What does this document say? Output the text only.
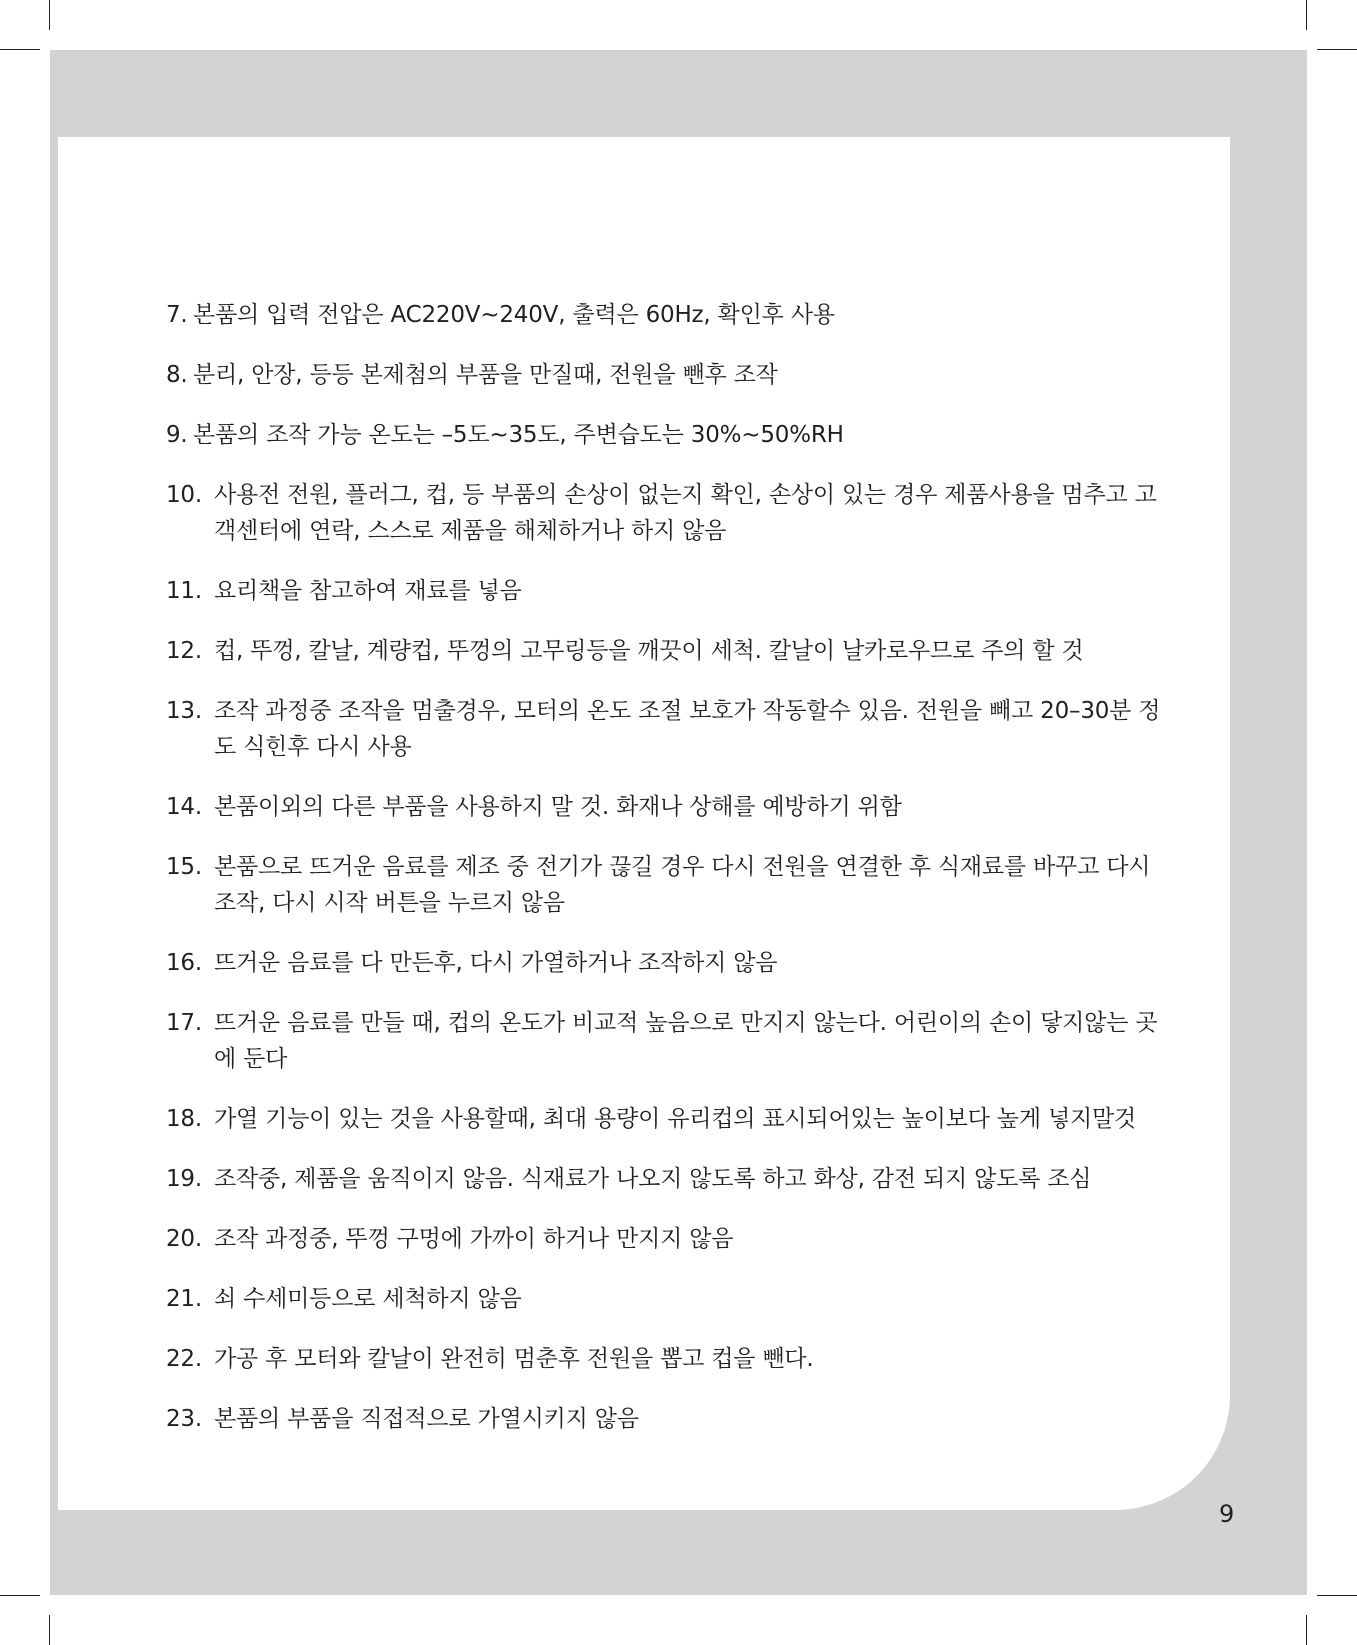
7. 본품의 입력 전압은 AC220V~240V, 출력은 60Hz, 확인후 사용
8. 분리, 안장, 등등 본제첨의 부품을 만질때, 전원을 뺀후 조작
9. 본품의 조작 가능 온도는 –5도~35도, 주변습도는 30%~50%RH
10. 사용전 전원, 플러그, 컵, 등 부품의 손상이 없는지 확인, 손상이 있는 경우 제품사용을 멈추고 고객센터에 연락, 스스로 제품을 해체하거나 하지 않음
11. 요리책을 참고하여 재료를 넣음
12. 컵, 뚜껑, 칼날, 계량컵, 뚜껑의 고무링등을 깨끗이 세척. 칼날이 날카로우므로 주의 할 것
13. 조작 과정중 조작을 멈출경우, 모터의 온도 조절 보호가 작동할수 있음. 전원을 빼고 20–30분 정도 식힌후 다시 사용
14. 본품이외의 다른 부품을 사용하지 말 것. 화재나 상해를 예방하기 위함
15. 본품으로 뜨거운 음료를 제조 중 전기가 끊길 경우 다시 전원을 연결한 후 식재료를 바꾸고 다시 조작, 다시 시작 버튼을 누르지 않음
16. 뜨거운 음료를 다 만든후, 다시 가열하거나 조작하지 않음
17. 뜨거운 음료를 만들 때, 컵의 온도가 비교적 높음으로 만지지 않는다. 어린이의 손이 닿지않는 곳에 둔다
18. 가열 기능이 있는 것을 사용할때, 최대 용량이 유리컵의 표시되어있는 높이보다 높게 넣지말것
19. 조작중, 제품을 움직이지 않음. 식재료가 나오지 않도록 하고 화상, 감전 되지 않도록 조심
20. 조작 과정중, 뚜껑 구멍에 가까이 하거나 만지지 않음
21. 쇠 수세미등으로 세척하지 않음
22. 가공 후 모터와 칼날이 완전히 멈춘후 전원을 뽑고 컵을 뺀다.
23. 본품의 부품을 직접적으로 가열시키지 않음
9
